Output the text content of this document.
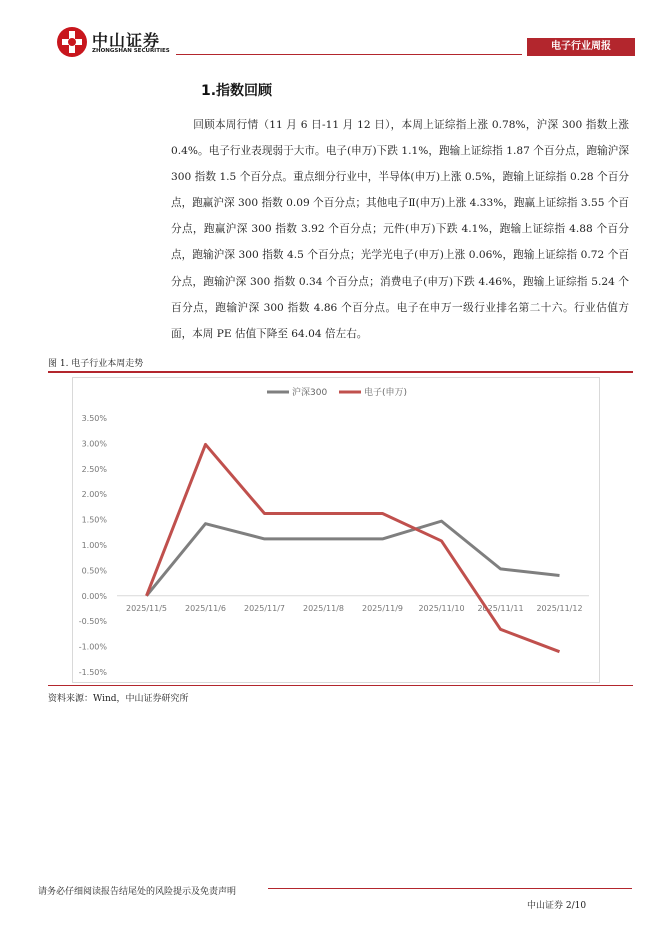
中山证券
ZHONGSHAN SECURITIES	电子行业周报
1.指数回顾
回顾本周行情（11 月 6 日-11 月 12 日），本周上证综指上涨 0.78%，沪深 300 指数上涨 0.4%。电子行业表现弱于大市。电子(申万)下跌 1.1%，跑输上证综指 1.87 个百分点，跑输沪深 300 指数 1.5 个百分点。重点细分行业中，半导体(申万)上涨 0.5%，跑输上证综指 0.28 个百分点，跑赢沪深 300 指数 0.09 个百分点；其他电子Ⅱ(申万)上涨 4.33%，跑赢上证综指 3.55 个百分点，跑赢沪深 300 指数 3.92 个百分点；元件(申万)下跌 4.1%，跑输上证综指 4.88 个百分点，跑输沪深 300 指数 4.5 个百分点；光学光电子(申万)上涨 0.06%，跑输上证综指 0.72 个百分点，跑输沪深 300 指数 0.34 个百分点；消费电子(申万)下跌 4.46%，跑输上证综指 5.24 个百分点，跑输沪深 300 指数 4.86 个百分点。电子在申万一级行业排名第二十六。行业估值方面，本周 PE 估值下降至 64.04 倍左右。
图 1. 电子行业本周走势
3.50%
3.00%
2.50%
2.00%
1.50%
1.00%
0.50%
0.00%
-0.50%
-1.00%
-1.50%
2025/11/5 2025/11/6 2025/11/7 2025/11/8 2025/11/9 2025/11/10 2025/11/11 2025/11/12
沪深300	电子(申万)
资料来源：Wind，中山证券研究所
请务必仔细阅读报告结尾处的风险提示及免责声明
中山证券 2/10
